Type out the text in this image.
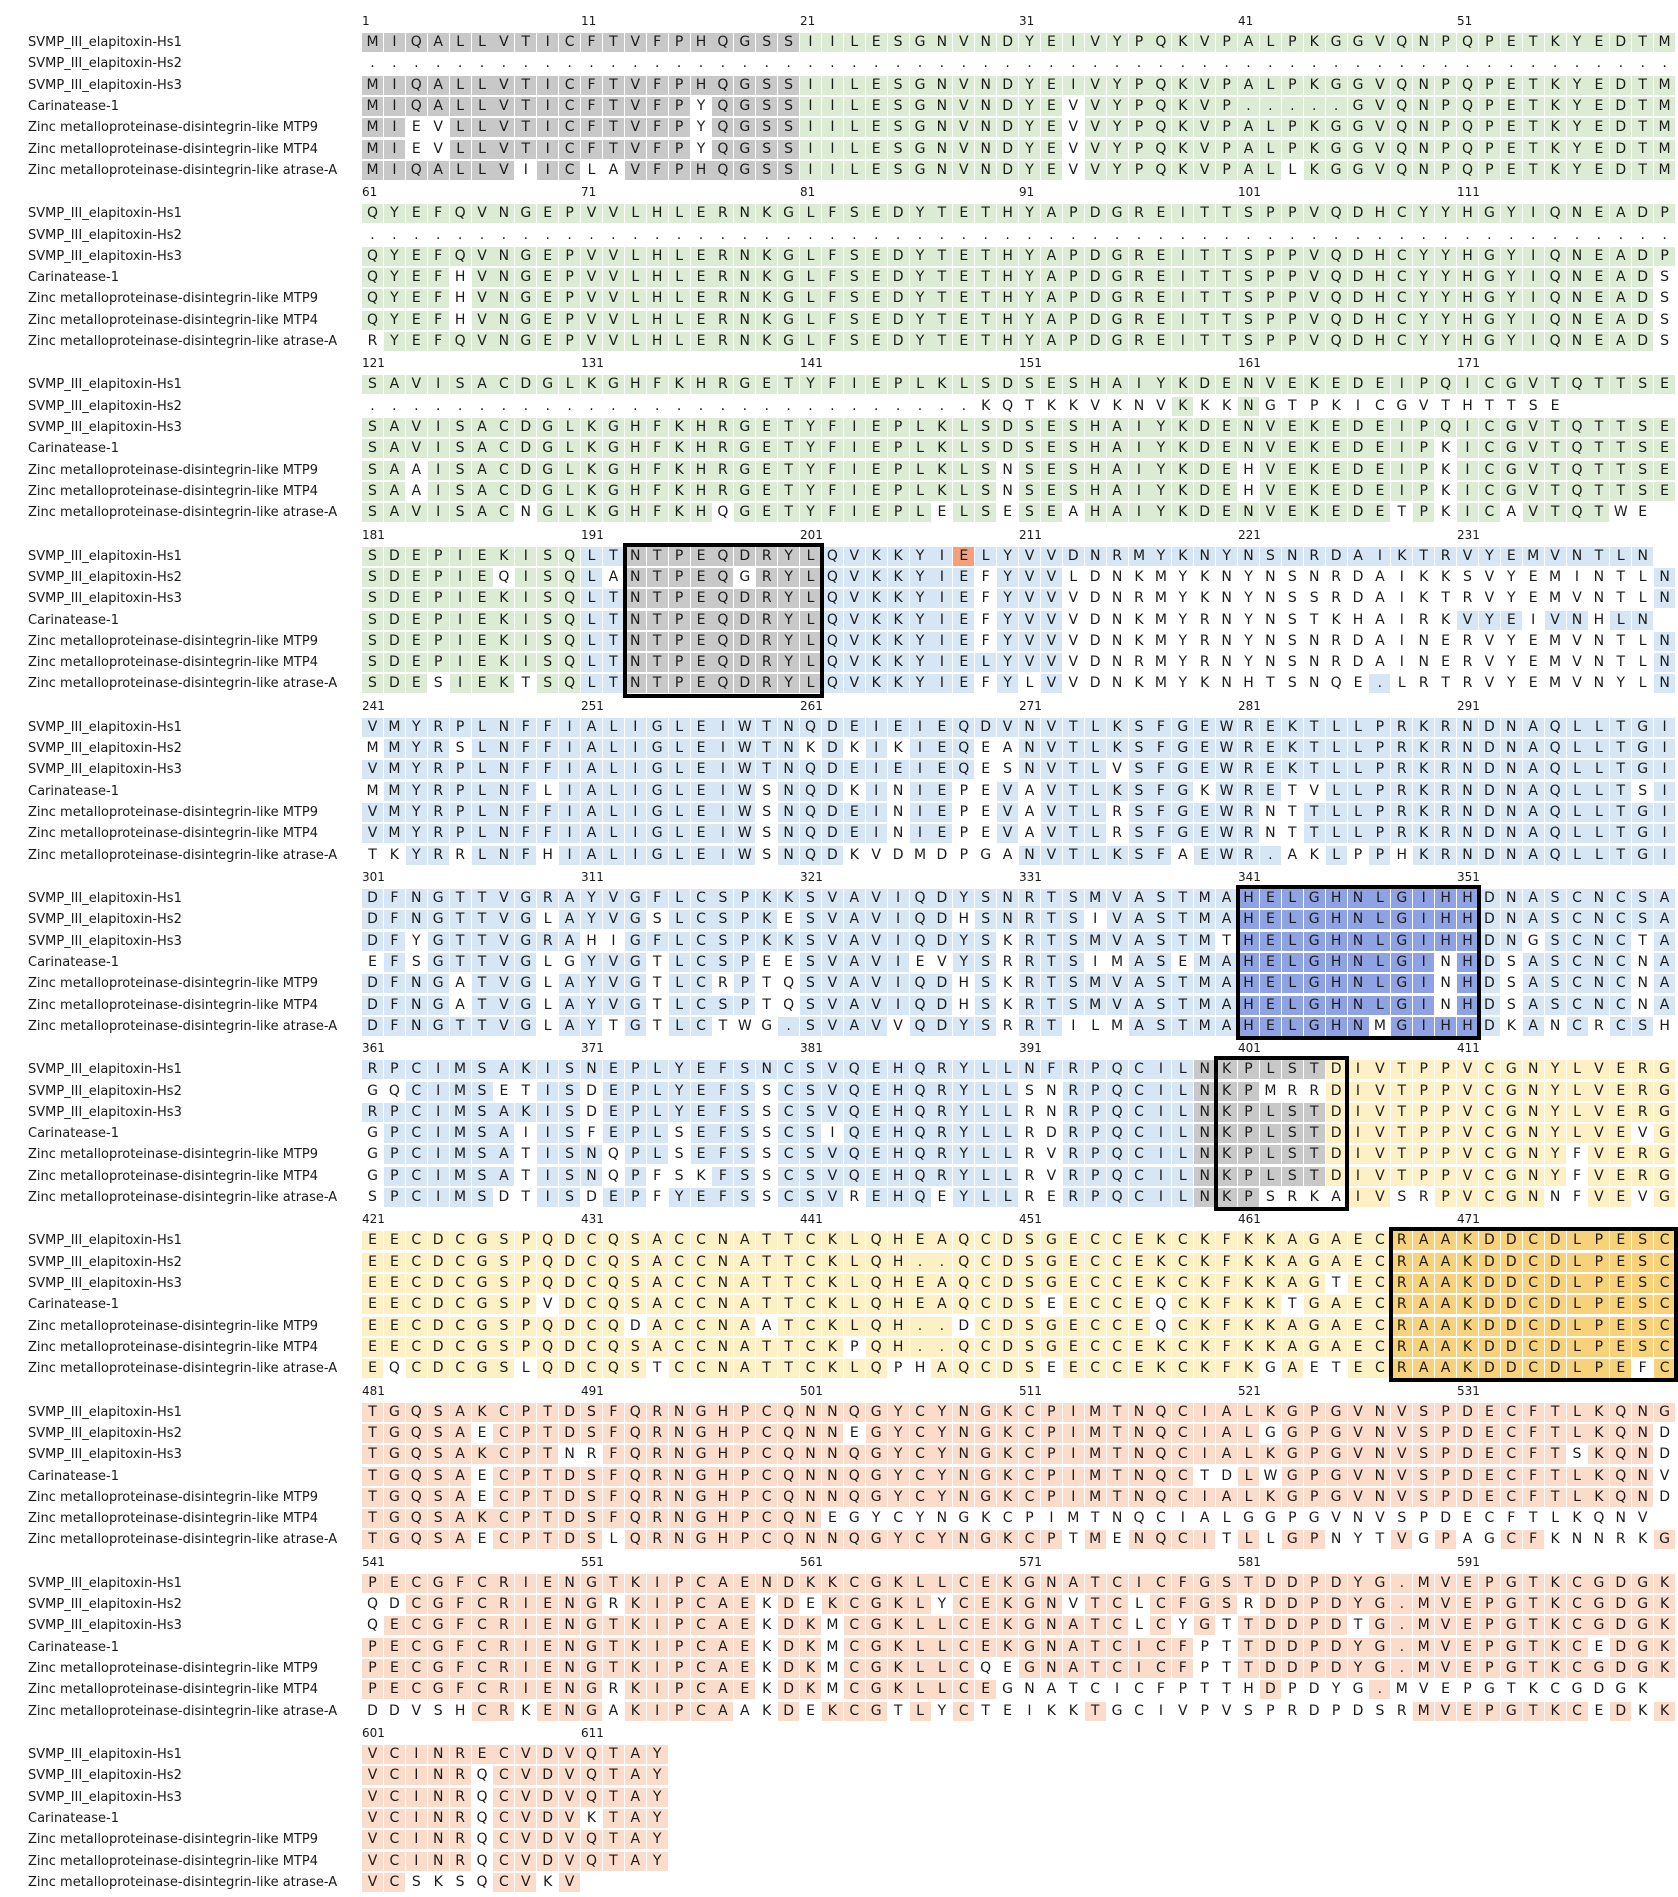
1	11	21	31	41	51
SVMP_III_elapitoxin-Hs1	M I	Q A L	L V T	I	C F T V F P H Q G S S	I	I	L E S G N V N D Y E	I	V Y P Q K V P A L P K G G V Q N P Q P E T K Y E D T M
SVMP_III_elapitoxin-Hs2	.	.	.	.	.	.	.	.	.	.	.	.	.	.	.	.	.	.	.	.	.	.	.	.	.	.	.	.	.	.	.	.	.	.	.	.	.	.	.	.	.	.	.	.	.	.	.	.	.	.	.	.	.	.	.	.	.	.	.	.
SVMP_III_elapitoxin-Hs3	M I	Q A L	L V T	I	C F T V F P H Q G S S	I	I	L E S G N V N D Y E	I	V Y P Q K V P A L P K G G V Q N P Q P E T K Y E D T M
Carinatease-1	M I	Q A L	L V T	I	C F T V F P Y Q G S S	I	I	L E S G N V N D Y E V V Y P Q K V P	.	.	.	.	.	G V Q N P Q P E T K Y E D T M
Zinc metalloproteinase-disintegrin-like MTP9	M I	E V L	L V T	I	C F T V F P Y Q G S S	I	I	L E S G N V N D Y E V V Y P Q K V P A L P K G G V Q N P Q P E T K Y E D T M
Zinc metalloproteinase-disintegrin-like MTP4	M I	E V L	L V T	I	C F T V F P Y Q G S S	I	I	L E S G N V N D Y E V V Y P Q K V P A L P K G G V Q N P Q P E T K Y E D T M
Zinc metalloproteinase-disintegrin-like atrase-A	M I	Q A L	L V	I	I	C L A V F P H Q G S S	I	I	L E S G N V N D Y E V V Y P Q K V P A L	L K G G V Q N P Q P E T K Y E D T M
61	71	81	91	101	111
SVMP_III_elapitoxin-Hs1	Q Y E F Q V N G E P V V L H L E R N K G L F S E D Y T E T H Y A P D G R E	I	T T S P P V Q D H C Y Y H G Y	I	Q N E A D P
SVMP_III_elapitoxin-Hs2	.	.	.	.	.	.	.	.	.	.	.	.	.	.	.	.	.	.	.	.	.	.	.	.	.	.	.	.	.	.	.	.	.	.	.	.	.	.	.	.	.	.	.	.	.	.	.	.	.	.	.	.	.	.	.	.	.	.	.	.
SVMP_III_elapitoxin-Hs3	Q Y E F Q V N G E P V V L H L E R N K G L F S E D Y T E T H Y A P D G R E	I	T T S P P V Q D H C Y Y H G Y	I	Q N E A D P
Carinatease-1	Q Y E F H V N G E P V V L H L E R N K G L F S E D Y T E T H Y A P D G R E	I	T T S P P V Q D H C Y Y H G Y	I	Q N E A D S
Zinc metalloproteinase-disintegrin-like MTP9	Q Y E F H V N G E P V V L H L E R N K G L F S E D Y T E T H Y A P D G R E	I	T T S P P V Q D H C Y Y H G Y	I	Q N E A D S
Zinc metalloproteinase-disintegrin-like MTP4	Q Y E F H V N G E P V V L H L E R N K G L F S E D Y T E T H Y A P D G R E	I	T T S P P V Q D H C Y Y H G Y	I	Q N E A D S
Zinc metalloproteinase-disintegrin-like atrase-A	R Y E F Q V N G E P V V L H L E R N K G L F S E D Y T E T H Y A P D G R E	I	T T S P P V Q D H C Y Y H G Y	I	Q N E A D S
121	131	141	151	161	171
SVMP_III_elapitoxin-Hs1	S A V	I	S A C D G L K G H F K H R G E T Y F	I	E P L K L S D S E S H A	I	Y K D E N V E K E D E	I	P Q	I	C G V T Q T T S E
SVMP_III_elapitoxin-Hs2	.	.	.	.	.	.	.	.	.	.	.	.	.	.	.	.	.	.	.	.	.	.	.	.	.	.	.	.	K Q T K K V K N V K K K N G T P K	I	C G V T H T T S E
SVMP_III_elapitoxin-Hs3	S A V	I	S A C D G L K G H F K H R G E T Y F	I	E P L K L S D S E S H A	I	Y K D E N V E K E D E	I	P Q	I	C G V T Q T T S E
Carinatease-1	S A V	I	S A C D G L K G H F K H R G E T Y F	I	E P L K L S D S E S H A	I	Y K D E N V E K E D E	I	P K	I	C G V T Q T T S E
Zinc metalloproteinase-disintegrin-like MTP9	S A A	I	S A C D G L K G H F K H R G E T Y F	I	E P L K L S N S E S H A	I	Y K D E H V E K E D E	I	P K	I	C G V T Q T T S E
Zinc metalloproteinase-disintegrin-like MTP4	S A A	I	S A C D G L K G H F K H R G E T Y F	I	E P L K L S N S E S H A	I	Y K D E H V E K E D E	I	P K	I	C G V T Q T T S E
Zinc metalloproteinase-disintegrin-like atrase-A	S A V	I	S A C N G L K G H F K H Q G E T Y F	I	E P L E L S E S E A H A	I	Y K D E N V E K E D E T P K	I	C A V T Q T W E
181	191	201	211	221	231
SVMP_III_elapitoxin-Hs1	S D E P	I	E K	I	S Q L T N T P E Q D R Y L Q V K K Y	I	E L Y V V D N R M Y K N Y N S N R D A	I	K T R V Y E M V N T L N
SVMP_III_elapitoxin-Hs2	S D E P	I	E Q	I	S Q L A N T P E Q G R Y L Q V K K Y	I	E F Y V V L D N K M Y K N Y N S N R D A	I	K K S V Y E M I	N T L N
SVMP_III_elapitoxin-Hs3	S D E P	I	E K	I	S Q L T N T P E Q D R Y L Q V K K Y	I	E F Y V V V D N R M Y K N Y N S S R D A	I	K T R V Y E M V N T L N
Carinatease-1	S D E P	I	E K	I	S Q L T N T P E Q D R Y L Q V K K Y	I	E F Y V V V D N K M Y R N Y N S T K H A	I	R K V Y E	I	V N H L N
Zinc metalloproteinase-disintegrin-like MTP9	S D E P	I	E K	I	S Q L T N T P E Q D R Y L Q V K K Y	I	E F Y V V V D N K M Y R N Y N S N R D A	I	N E R V Y E M V N T L N
Zinc metalloproteinase-disintegrin-like MTP4	S D E P	I	E K	I	S Q L T N T P E Q D R Y L Q V K K Y	I	E L Y V V V D N R M Y R N Y N S N R D A	I	N E R V Y E M V N T L N
Zinc metalloproteinase-disintegrin-like atrase-A	S D E S	I	E K T S Q L T N T P E Q D R Y L Q V K K Y	I	E F Y L V V D N K M Y K N H T S N Q E	.	L R T R V Y E M V N Y L N
241	251	261	271	281	291
SVMP_III_elapitoxin-Hs1	V M Y R P L N F F	I	A L	I	G L E	I W T N Q D E	I	E	I	E Q D V N V T L K S F G E W R E K T L	L P R K R N D N A Q L	L T G	I
SVMP_III_elapitoxin-Hs2	M M Y R S L N F F	I	A L	I	G L E	I W T N K D K	I	K	I	E Q E A N V T L K S F G E W R E K T L	L P R K R N D N A Q L	L T G	I
SVMP_III_elapitoxin-Hs3	V M Y R P L N F F	I	A L	I	G L E	I W T N Q D E	I	E	I	E Q E S N V T L V S F G E W R E K T L	L P R K R N D N A Q L	L T G	I
Carinatease-1	M M Y R P L N F L	I	A L	I	G L E	I W S N Q D K	I	N	I	E P E V A V T L K S F G K W R E T V L	L P R K R N D N A Q L	L T S	I
Zinc metalloproteinase-disintegrin-like MTP9	V M Y R P L N F F	I	A L	I	G L E	I W S N Q D E	I	N	I	E P E V A V T L R S F G E W R N T T L	L P R K R N D N A Q L	L T G	I
Zinc metalloproteinase-disintegrin-like MTP4	V M Y R P L N F F	I	A L	I	G L E	I W S N Q D E	I	N	I	E P E V A V T L R S F G E W R N T T L	L P R K R N D N A Q L	L T G	I
Zinc metalloproteinase-disintegrin-like atrase-A	T K Y R R L N F H	I	A L	I	G L E	I W S N Q D K V D M D P G A N V T L K S F A E W R	.	A K L P P H K R N D N A Q L	L T G	I
301	311	321	331	341	351
SVMP_III_elapitoxin-Hs1	D F N G T T V G R A Y V G F L C S P K K S V A V	I	Q D Y S N R T S M V A S T M A H E L G H N L G	I	H H D N A S C N C S A
SVMP_III_elapitoxin-Hs2	D F N G T T V G L A Y V G S L C S P K E S V A V	I	Q D H S N R T S	I	V A S T M A H E L G H N L G	I	H H D N A S C N C S A
SVMP_III_elapitoxin-Hs3	D F Y G T T V G R A H	I	G F L C S P K K S V A V	I	Q D Y S K R T S M V A S T M T H E L G H N L G	I	H H D N G S C N C T A
Carinatease-1	E F S G T T V G L G Y V G T L C S P E E S V A V	I	E V Y S R R T S	I M A S E M A H E L G H N L G	I	N H D S A S C N C N A
Zinc metalloproteinase-disintegrin-like MTP9	D F N G A T V G L A Y V G T L C R P T Q S V A V	I	Q D H S K R T S M V A S T M A H E L G H N L G	I	N H D S A S C N C N A
Zinc metalloproteinase-disintegrin-like MTP4	D F N G A T V G L A Y V G T L C S P T Q S V A V	I	Q D H S K R T S M V A S T M A H E L G H N L G	I	N H D S A S C N C N A
Zinc metalloproteinase-disintegrin-like atrase-A	D F N G T T V G L A Y T G T L C T W G	.	S V A V V Q D Y S R R T	I	L M A S T M A H E L G H N M G	I	H H D K A N C R C S H
361	371	381	391	401	411
SVMP_III_elapitoxin-Hs1	R P C	I M S A K	I	S N E P L Y E F S N C S V Q E H Q R Y L	L N F R P Q C	I	L N K P L S T D	I	V T P P V C G N Y L V E R G
SVMP_III_elapitoxin-Hs2	G Q C	I M S E T	I	S D E P L Y E F S S C S V Q E H Q R Y L	L S N R P Q C	I	L N K P M R R D	I	V T P P V C G N Y L V E R G
SVMP_III_elapitoxin-Hs3	R P C	I M S A K	I	S D E P L Y E F S S C S V Q E H Q R Y L	L R N R P Q C	I	L N K P L S T D	I	V T P P V C G N Y L V E R G
Carinatease-1	G P C	I M S A	I	I	S F E P L S E F S S C S	I	Q E H Q R Y L	L R D R P Q C	I	L N K P L S T D	I	V T P P V C G N Y L V E V G
Zinc metalloproteinase-disintegrin-like MTP9	G P C	I M S A T	I	S N Q P L S E F S S C S V Q E H Q R Y L	L R V R P Q C	I	L N K P L S T D	I	V T P P V C G N Y F V E R G
Zinc metalloproteinase-disintegrin-like MTP4	G P C	I M S A T	I	S N Q P F S K F S S C S V Q E H Q R Y L	L R V R P Q C	I	L N K P L S T D	I	V T P P V C G N Y F V E R G
Zinc metalloproteinase-disintegrin-like atrase-A	S P C	I M S D T	I	S D E P F Y E F S S C S V R E H Q E Y L	L R E R P Q C	I	L N K P S R K A	I	V S R P V C G N N F V E V G
421	431	441	451	461	471
SVMP_III_elapitoxin-Hs1	E E C D C G S P Q D C Q S A C C N A T T C K L Q H E A Q C D S G E C C E K C K F K K A G A E C R A A K D D C D L P E S C
SVMP_III_elapitoxin-Hs2	E E C D C G S P Q D C Q S A C C N A T T C K L Q H	.	.	Q C D S G E C C E K C K F K K A G A E C R A A K D D C D L P E S C
SVMP_III_elapitoxin-Hs3	E E C D C G S P Q D C Q S A C C N A T T C K L Q H E A Q C D S G E C C E K C K F K K A G T E C R A A K D D C D L P E S C
Carinatease-1	E E C D C G S P V D C Q S A C C N A T T C K L Q H E A Q C D S E E C C E Q C K F K K T G A E C R A A K D D C D L P E S C
Zinc metalloproteinase-disintegrin-like MTP9	E E C D C G S P Q D C Q D A C C N A A T C K L Q H	.	.	D C D S G E C C E Q C K F K K A G A E C R A A K D D C D L P E S C
Zinc metalloproteinase-disintegrin-like MTP4	E E C D C G S P Q D C Q S A C C N A T T C K P Q H	.	.	Q C D S G E C C E K C K F K K A G A E C R A A K D D C D L P E S C
Zinc metalloproteinase-disintegrin-like atrase-A	E Q C D C G S L Q D C Q S T C C N A T T C K L Q P H A Q C D S E E C C E K C K F K G A E T E C R A A K D D C D L P E F C
481	491	501	511	521	531
SVMP_III_elapitoxin-Hs1	T G Q S A K C P T D S F Q R N G H P C Q N N Q G Y C Y N G K C P	I M T N Q C	I	A L K G P G V N V S P D E C F T L K Q N G
SVMP_III_elapitoxin-Hs2	T G Q S A E C P T D S F Q R N G H P C Q N N E G Y C Y N G K C P	I M T N Q C	I	A L G G P G V N V S P D E C F T L K Q N D
SVMP_III_elapitoxin-Hs3	T G Q S A K C P T N R F Q R N G H P C Q N N Q G Y C Y N G K C P	I M T N Q C	I	A L K G P G V N V S P D E C F T S K Q N D
Carinatease-1	T G Q S A E C P T D S F Q R N G H P C Q N N Q G Y C Y N G K C P	I M T N Q C T D L W G P G V N V S P D E C F T L K Q N V
Zinc metalloproteinase-disintegrin-like MTP9	T G Q S A E C P T D S F Q R N G H P C Q N N Q G Y C Y N G K C P	I M T N Q C	I	A L K G P G V N V S P D E C F T L K Q N D
Zinc metalloproteinase-disintegrin-like MTP4	T G Q S A K C P T D S F Q R N G H P C Q N E G Y C Y N G K C P	I M T N Q C	I	A L G G P G V N V S P D E C F T L K Q N V
Zinc metalloproteinase-disintegrin-like atrase-A	T G Q S A E C P T D S L Q R N G H P C Q N N Q G Y C Y N G K C P T M E N Q C	I	T L	L G P N Y T V G P A G C F K N N R K G
541	551	561	571	581	591
SVMP_III_elapitoxin-Hs1	P E C G F C R	I	E N G T K	I	P C A E N D K K C G K L	L C E K G N A T C	I	C F G S T D D P D Y G	. M V E P G T K C G D G K
SVMP_III_elapitoxin-Hs2	Q D C G F C R	I	E N G R K	I	P C A E K D E K C G K L Y C E K G N V T C L C F G S R D D P D Y G	. M V E P G T K C G D G K
SVMP_III_elapitoxin-Hs3	Q E C G F C R	I	E N G T K	I	P C A E K D K M C G K L	L C E K G N A T C L C Y G T T D D P D T G	. M V E P G T K C G D G K
Carinatease-1	P E C G F C R	I	E N G T K	I	P C A E K D K M C G K L	L C E K G N A T C	I	C F P T T D D P D Y G	. M V E P G T K C E D G K
Zinc metalloproteinase-disintegrin-like MTP9	P E C G F C R	I	E N G T K	I	P C A E K D K M C G K L	L C Q E G N A T C	I	C F P T T D D P D Y G	. M V E P G T K C G D G K
Zinc metalloproteinase-disintegrin-like MTP4	P E C G F C R	I	E N G R K	I	P C A E K D K M C G K L	L C E G N A T C	I	C F P T T H D P D Y G	. M V E P G T K C G D G K
Zinc metalloproteinase-disintegrin-like atrase-A	D D V S H C R K E N G A K	I	P C A A K D E K C G T L Y C T E	I	K K T G C	I	V P V S P R D P D S R M V E P G T K C E D K K
601	611
SVMP_III_elapitoxin-Hs1	V C	I	N R E C V D V Q T A Y
SVMP_III_elapitoxin-Hs2	V C	I	N R Q C V D V Q T A Y
SVMP_III_elapitoxin-Hs3	V C	I	N R Q C V D V Q T A Y
Carinatease-1	V C	I	N R Q C V D V K T A Y
Zinc metalloproteinase-disintegrin-like MTP9	V C	I	N R Q C V D V Q T A Y
Zinc metalloproteinase-disintegrin-like MTP4	V C	I	N R Q C V D V Q T A Y
Zinc metalloproteinase-disintegrin-like atrase-A	V C S K S Q C V K V
